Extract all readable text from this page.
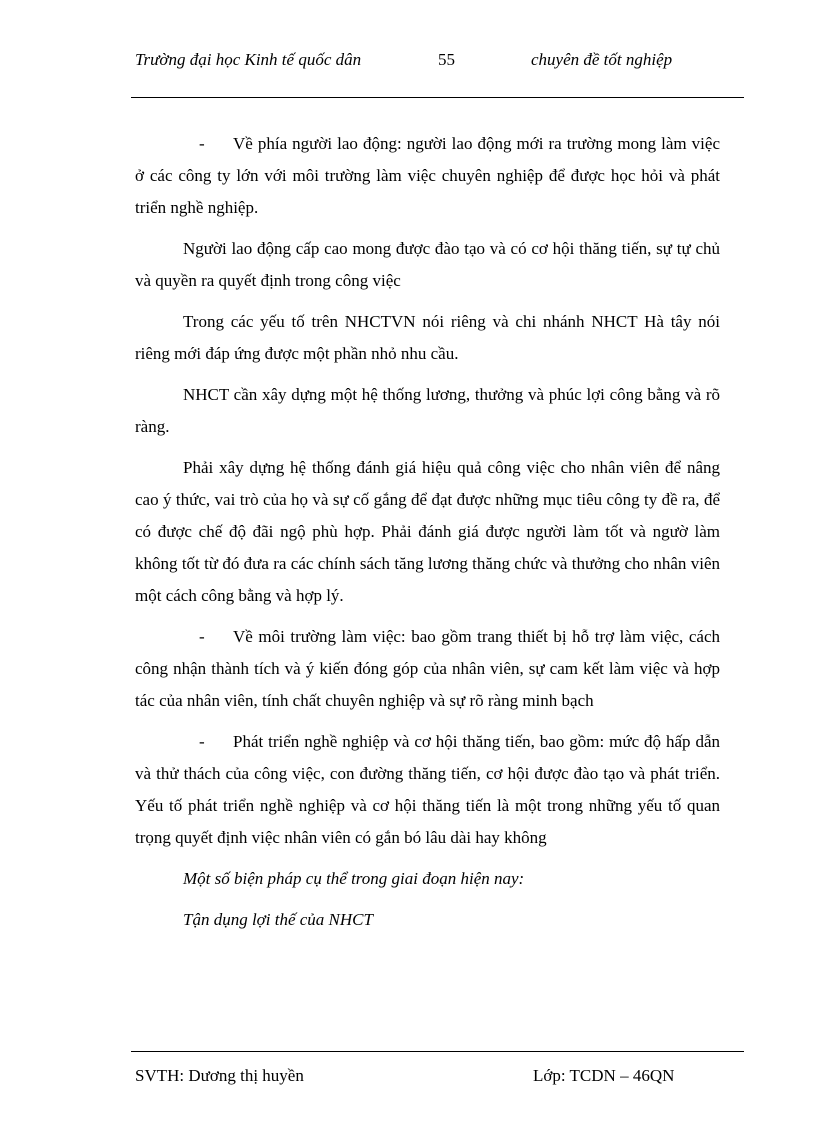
Trường đại học Kinh tế quốc dân	55	chuyên đề tốt nghiệp

- Về phía người lao động: người lao động mới ra trường mong làm việc ở các công ty lớn với môi trường làm việc chuyên nghiệp để được học hỏi và phát triển nghề nghiệp.

Người lao động cấp cao mong được đào tạo và có cơ hội thăng tiến, sự tự chủ và quyền ra quyết định trong công việc

Trong các yếu tố trên NHCTVN nói riêng và chi nhánh NHCT Hà tây nói riêng mới đáp ứng được một phần nhỏ nhu cầu.

NHCT cần xây dựng một hệ thống lương, thưởng và phúc lợi công bằng và rõ ràng.

Phải xây dựng hệ thống đánh giá hiệu quả công việc cho nhân viên để nâng cao ý thức, vai trò của họ và sự cố gắng để đạt được những mục tiêu công ty đề ra, để có được chế độ đãi ngộ phù hợp. Phải đánh giá được người làm tốt và ngườ làm không tốt từ đó đưa ra các chính sách tăng lương thăng chức và thưởng cho nhân viên một cách công bằng và hợp lý.

- Về môi trường làm việc: bao gồm trang thiết bị hỗ trợ làm việc, cách công nhận thành tích và ý kiến đóng góp của nhân viên, sự cam kết làm việc và hợp tác của nhân viên, tính chất chuyên nghiệp và sự rõ ràng minh bạch

- Phát triển nghề nghiệp và cơ hội thăng tiến, bao gồm: mức độ hấp dẫn và thử thách của công việc, con đường thăng tiến, cơ hội được đào tạo và phát triển. Yếu tố phát triển nghề nghiệp và cơ hội thăng tiến là một trong những yếu tố quan trọng quyết định việc nhân viên có gắn bó lâu dài hay không

Một số biện pháp cụ thể trong giai đoạn hiện nay:

Tận dụng lợi thế của NHCT

SVTH: Dương thị huyền	Lớp: TCDN – 46QN
